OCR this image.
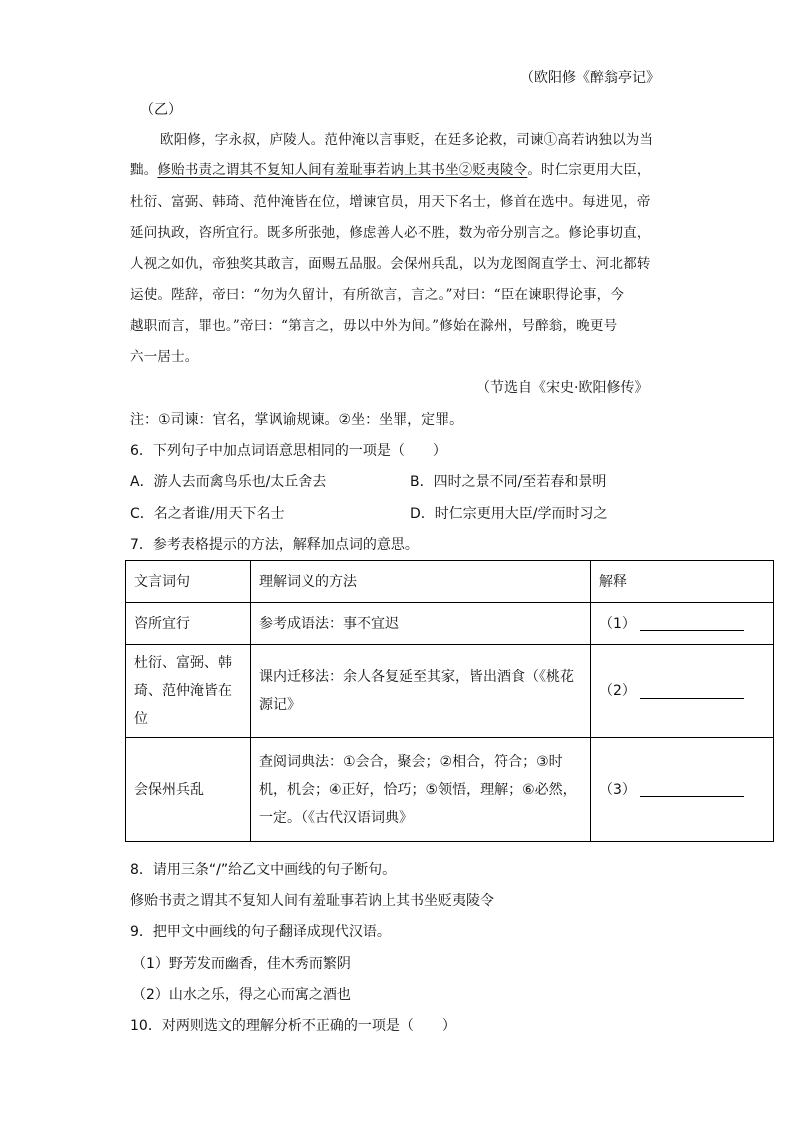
（欧阳修《醉翁亭记》
（乙）
欧阳修，字永叔，庐陵人。范仲淹以言事贬，在廷多论救，司谏①高若讷独以为当
黜。修贻书责之谓其不复知人间有羞耻事若讷上其书坐②贬夷陵令。时仁宗更用大臣，
杜衍、富弼、韩琦、范仲淹皆在位，增谏官员，用天下名士，修首在选中。每进见，帝
延问执政，咨所宜行。既多所张弛，修虑善人必不胜，数为帝分别言之。修论事切直，
人视之如仇，帝独奖其敢言，面赐五品服。会保州兵乱，以为龙图阁直学士、河北都转
运使。陛辞，帝曰：“勿为久留计，有所欲言，言之。”对曰：“臣在谏职得论事，今
越职而言，罪也。”帝曰：“第言之，毋以中外为间。”修始在滁州，号醉翁，晚更号
六一居士。
（节选自《宋史·欧阳修传》
注：①司谏：官名，掌讽谕规谏。②坐：坐罪，定罪。
6．下列句子中加点词语意思相同的一项是（　　）
A．游人去而禽鸟乐也/太丘舍去	B．四时之景不同/至若春和景明
C．名之者谁/用天下名士	D．时仁宗更用大臣/学而时习之
7．参考表格提示的方法，解释加点词的意思。
文言词句	理解词义的方法	解释
咨所宜行	参考成语法：事不宜迟	（1）
杜衍、富弼、韩琦、范仲淹皆在位	课内迁移法：余人各复延至其家，皆出酒食（《桃花源记》	（2）
会保州兵乱	查阅词典法：①会合，聚会；②相合，符合；③时机，机会；④正好，恰巧；⑤领悟，理解；⑥必然，一定。（《古代汉语词典》	（3）
8．请用三条“/”给乙文中画线的句子断句。
修贻书责之谓其不复知人间有羞耻事若讷上其书坐贬夷陵令
9．把甲文中画线的句子翻译成现代汉语。
（1）野芳发而幽香，佳木秀而繁阴
（2）山水之乐，得之心而寓之酒也
10．对两则选文的理解分析不正确的一项是（　　）
